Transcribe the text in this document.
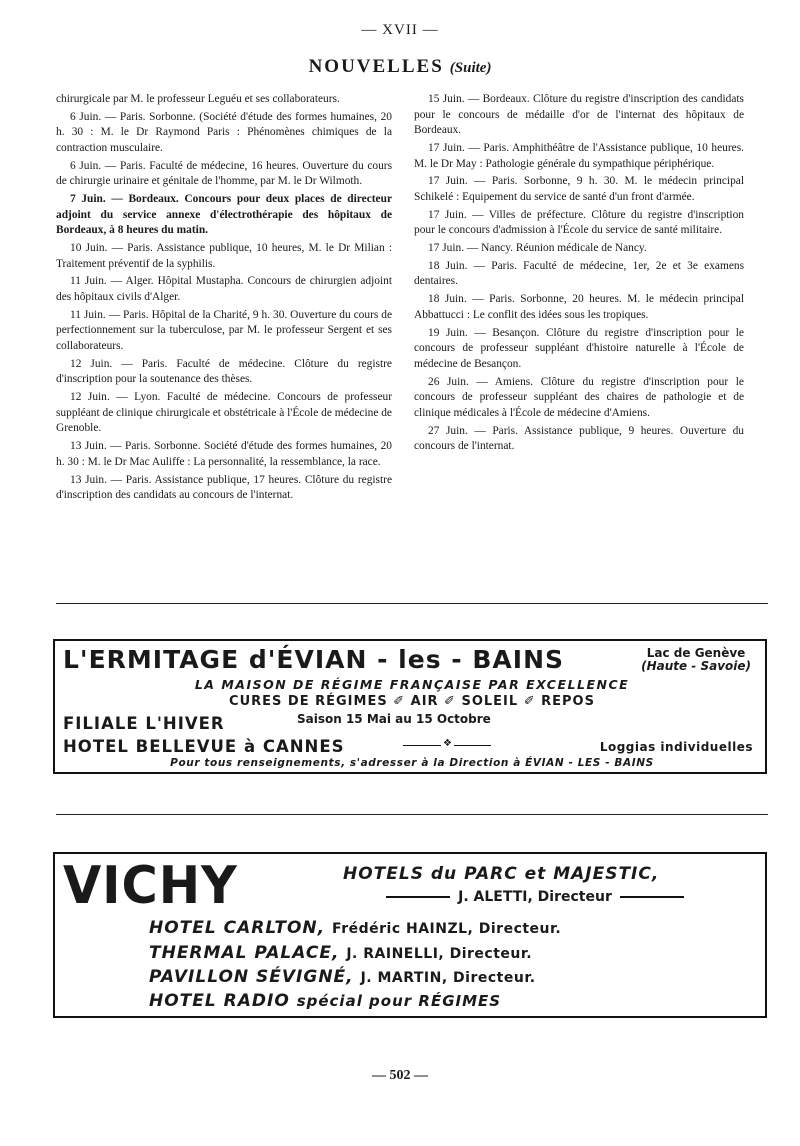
— XVII —
NOUVELLES (Suite)

chirurgicale par M. le professeur Leguéu et ses collaborateurs.

6 Juin. — Paris. Sorbonne. (Société d'étude des formes humaines, 20 h. 30 : M. le Dr Raymond Paris : Phénomènes chimiques de la contraction musculaire.

6 Juin. — Paris. Faculté de médecine, 16 heures. Ouverture du cours de chirurgie urinaire et génitale de l'homme, par M. le Dr Wilmoth.

7 Juin. — Bordeaux. Concours pour deux places de directeur adjoint du service annexe d'électrothérapie des hôpitaux de Bordeaux, à 8 heures du matin.

10 Juin. — Paris. Assistance publique, 10 heures, M. le Dr Milian : Traitement préventif de la syphilis.

11 Juin. — Alger. Hôpital Mustapha. Concours de chirurgien adjoint des hôpitaux civils d'Alger.

11 Juin. — Paris. Hôpital de la Charité, 9 h. 30. Ouverture du cours de perfectionnement sur la tuberculose, par M. le professeur Sergent et ses collaborateurs.

12 Juin. — Paris. Faculté de médecine. Clôture du registre d'inscription pour la soutenance des thèses.

12 Juin. — Lyon. Faculté de médecine. Concours de professeur suppléant de clinique chirurgicale et obstétricale à l'École de médecine de Grenoble.

13 Juin. — Paris. Sorbonne. Société d'étude des formes humaines, 20 h. 30 : M. le Dr Mac Auliffe : La personnalité, la ressemblance, la race.

13 Juin. — Paris. Assistance publique, 17 heures. Clôture du registre d'inscription des candidats au concours de l'internat.

15 Juin. — Bordeaux. Clôture du registre d'inscription des candidats pour le concours de médaille d'or de l'internat des hôpitaux de Bordeaux.

17 Juin. — Paris. Amphithéâtre de l'Assistance publique, 10 heures. M. le Dr May : Pathologie générale du sympathique périphérique.

17 Juin. — Paris. Sorbonne, 9 h. 30. M. le médecin principal Schikelé : Equipement du service de santé d'un front d'armée.

17 Juin. — Villes de préfecture. Clôture du registre d'inscription pour le concours d'admission à l'École du service de santé militaire.

17 Juin. — Nancy. Réunion médicale de Nancy.

18 Juin. — Paris. Faculté de médecine, 1er, 2e et 3e examens dentaires.

18 Juin. — Paris. Sorbonne, 20 heures. M. le médecin principal Abbattucci : Le conflit des idées sous les tropiques.

19 Juin. — Besançon. Clôture du registre d'inscription pour le concours de professeur suppléant d'histoire naturelle à l'École de médecine de Besançon.

26 Juin. — Amiens. Clôture du registre d'inscription pour le concours de professeur suppléant des chaires de pathologie et de clinique médicales à l'École de médecine d'Amiens.

27 Juin. — Paris. Assistance publique, 9 heures. Ouverture du concours de l'internat.

L'ERMITAGE d'ÉVIAN - les - BAINS	Lac de Genève
(Haute - Savoie)
LA MAISON DE RÉGIME FRANÇAISE PAR EXCELLENCE
CURES DE RÉGIMES ✐ AIR ✐ SOLEIL ✐ REPOS
FILIALE L'HIVER	Saison 15 Mai au 15 Octobre
HOTEL BELLEVUE à CANNES	❖	Loggias individuelles
Pour tous renseignements, s'adresser à la Direction à ÉVIAN - LES - BAINS
VICHY	HOTELS du PARC et MAJESTIC,
J. ALETTI, Directeur
HOTEL CARLTON, Frédéric HAINZL, Directeur.
THERMAL PALACE, J. RAINELLI, Directeur.
PAVILLON SÉVIGNÉ, J. MARTIN, Directeur.
HOTEL RADIO spécial pour RÉGIMES
— 502 —
